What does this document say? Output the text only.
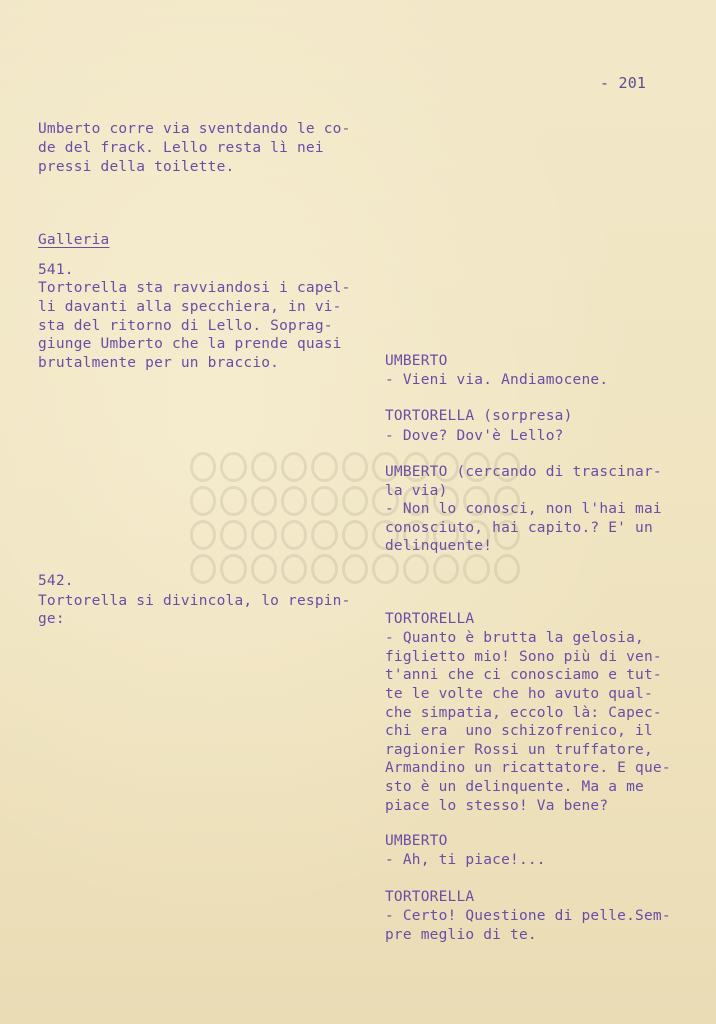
- 201
Umberto corre via sventdando le co-
de del frack. Lello resta lì nei
pressi della toilette.
Galleria
541.
Tortorella sta ravviandosi i capel-
li davanti alla specchiera, in vi-
sta del ritorno di Lello. Soprag-
giunge Umberto che la prende quasi
brutalmente per un braccio.
542.
Tortorella si divincola, lo respin-
ge:
UMBERTO
- Vieni via. Andiamocene.
TORTORELLA (sorpresa)
- Dove? Dov'è Lello?
UMBERTO (cercando di trascinar-
la via)
- Non lo conosci, non l'hai mai
conosciuto, hai capito.? E' un
delinquente!
TORTORELLA
- Quanto è brutta la gelosia,
figlietto mio! Sono più di ven-
t'anni che ci conosciamo e tut-
te le volte che ho avuto qual-
che simpatia, eccolo là: Capec-
chi era  uno schizofrenico, il
ragionier Rossi un truffatore,
Armandino un ricattatore. E que-
sto è un delinquente. Ma a me
piace lo stesso! Va bene?
UMBERTO
- Ah, ti piace!...
TORTORELLA
- Certo! Questione di pelle.Sem-
pre meglio di te.
